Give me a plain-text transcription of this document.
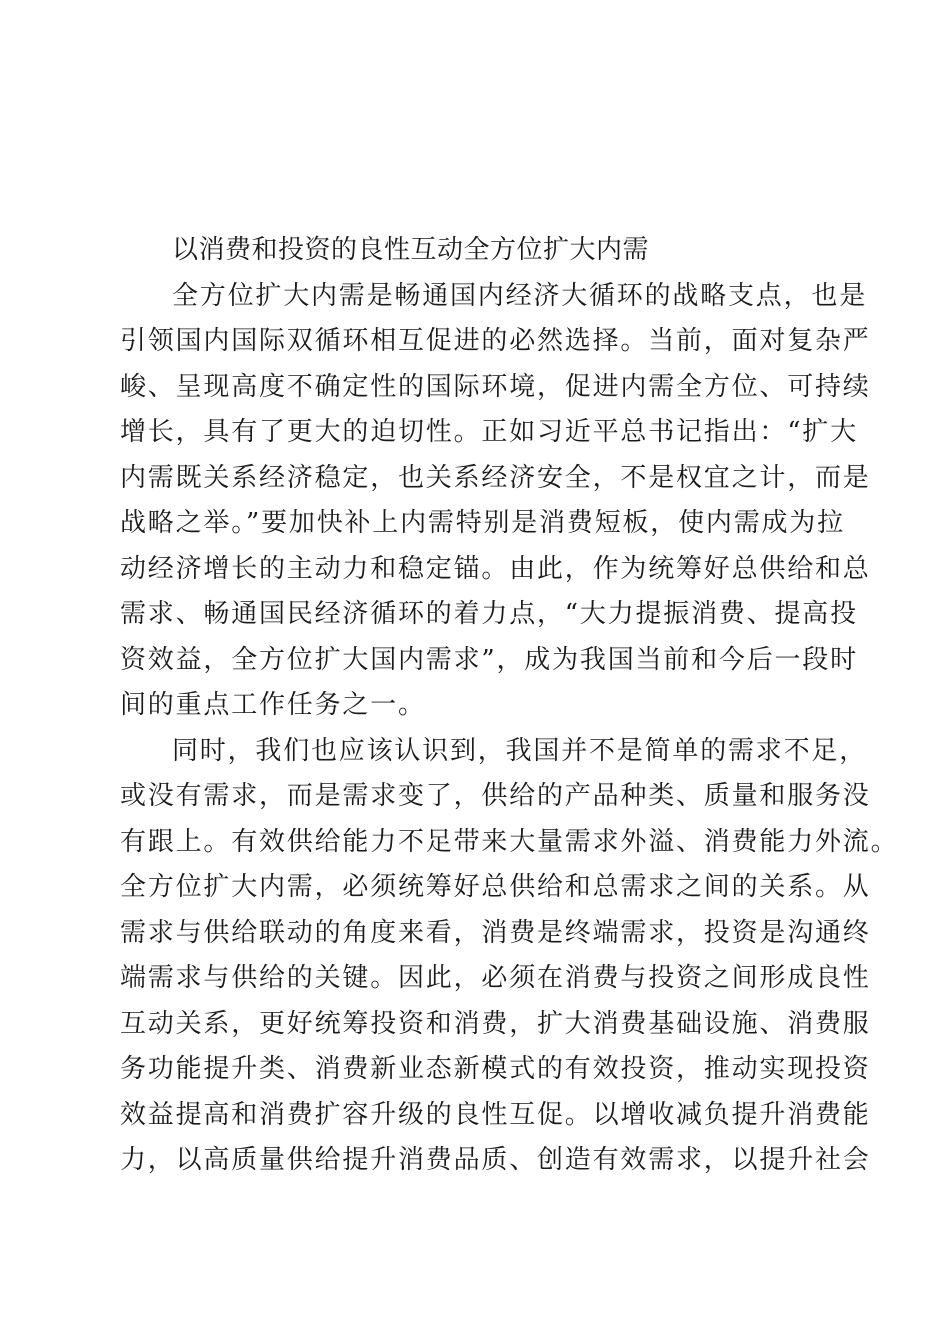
以消费和投资的良性互动全方位扩大内需
全方位扩大内需是畅通国内经济大循环的战略支点，也是
引领国内国际双循环相互促进的必然选择。当前，面对复杂严
峻、呈现高度不确定性的国际环境，促进内需全方位、可持续
增长，具有了更大的迫切性。正如习近平总书记指出：“扩大
内需既关系经济稳定，也关系经济安全，不是权宜之计，而是
战略之举。”要加快补上内需特别是消费短板，使内需成为拉
动经济增长的主动力和稳定锚。由此，作为统筹好总供给和总
需求、畅通国民经济循环的着力点，“大力提振消费、提高投
资效益，全方位扩大国内需求”，成为我国当前和今后一段时
间的重点工作任务之一。
同时，我们也应该认识到，我国并不是简单的需求不足，
或没有需求，而是需求变了，供给的产品种类、质量和服务没
有跟上。有效供给能力不足带来大量需求外溢、消费能力外流。
全方位扩大内需，必须统筹好总供给和总需求之间的关系。从
需求与供给联动的角度来看，消费是终端需求，投资是沟通终
端需求与供给的关键。因此，必须在消费与投资之间形成良性
互动关系，更好统筹投资和消费，扩大消费基础设施、消费服
务功能提升类、消费新业态新模式的有效投资，推动实现投资
效益提高和消费扩容升级的良性互促。以增收减负提升消费能
力，以高质量供给提升消费品质、创造有效需求，以提升社会
